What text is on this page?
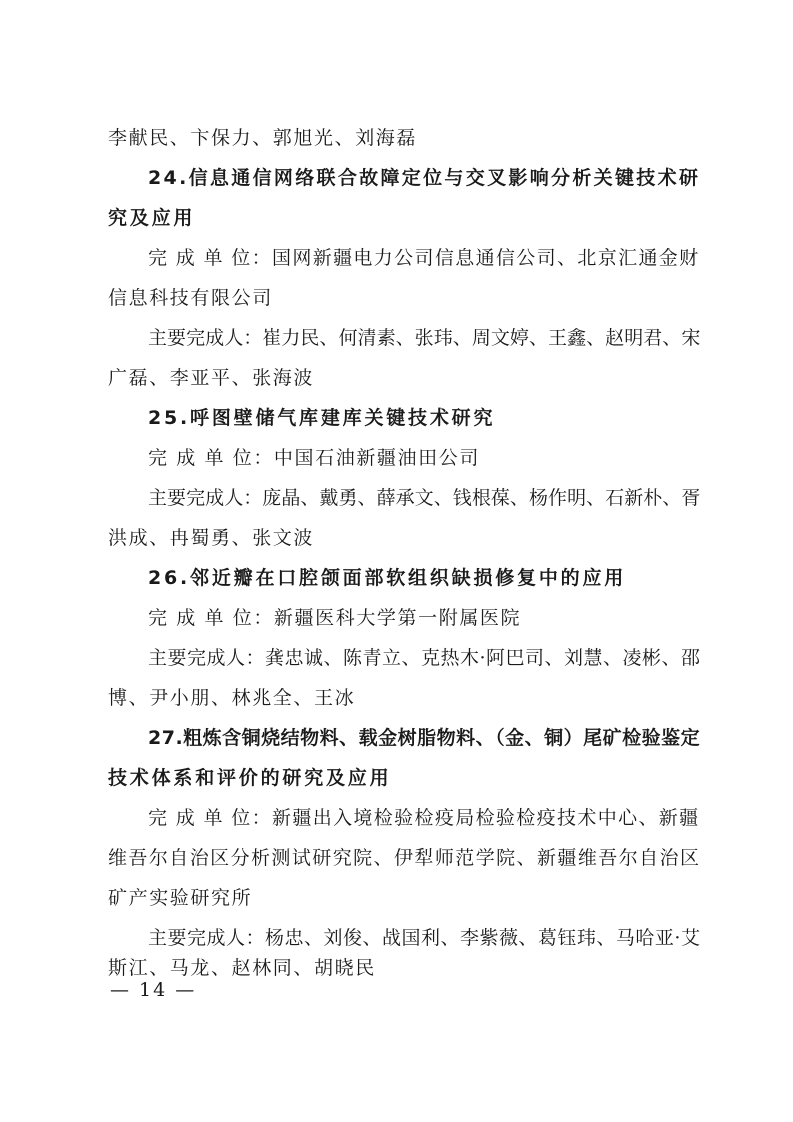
李献民、卞保力、郭旭光、刘海磊
24.信息通信网络联合故障定位与交叉影响分析关键技术研
究及应用
完 成 单 位：国网新疆电力公司信息通信公司、北京汇通金财
信息科技有限公司
主要完成人：崔力民、何清素、张玮、周文婷、王鑫、赵明君、宋
广磊、李亚平、张海波
25.呼图壁储气库建库关键技术研究
完 成 单 位：中国石油新疆油田公司
主要完成人：庞晶、戴勇、薛承文、钱根葆、杨作明、石新朴、胥
洪成、冉蜀勇、张文波
26.邻近瓣在口腔颌面部软组织缺损修复中的应用
完 成 单 位：新疆医科大学第一附属医院
主要完成人：龚忠诚、陈青立、克热木·阿巴司、刘慧、凌彬、邵
博、尹小朋、林兆全、王冰
27.粗炼含铜烧结物料、载金树脂物料、（金、铜）尾矿检验鉴定
技术体系和评价的研究及应用
完 成 单 位：新疆出入境检验检疫局检验检疫技术中心、新疆
维吾尔自治区分析测试研究院、伊犁师范学院、新疆维吾尔自治区
矿产实验研究所
主要完成人：杨忠、刘俊、战国利、李紫薇、葛钰玮、马哈亚·艾
斯江、马龙、赵林同、胡晓民
— 14 —
